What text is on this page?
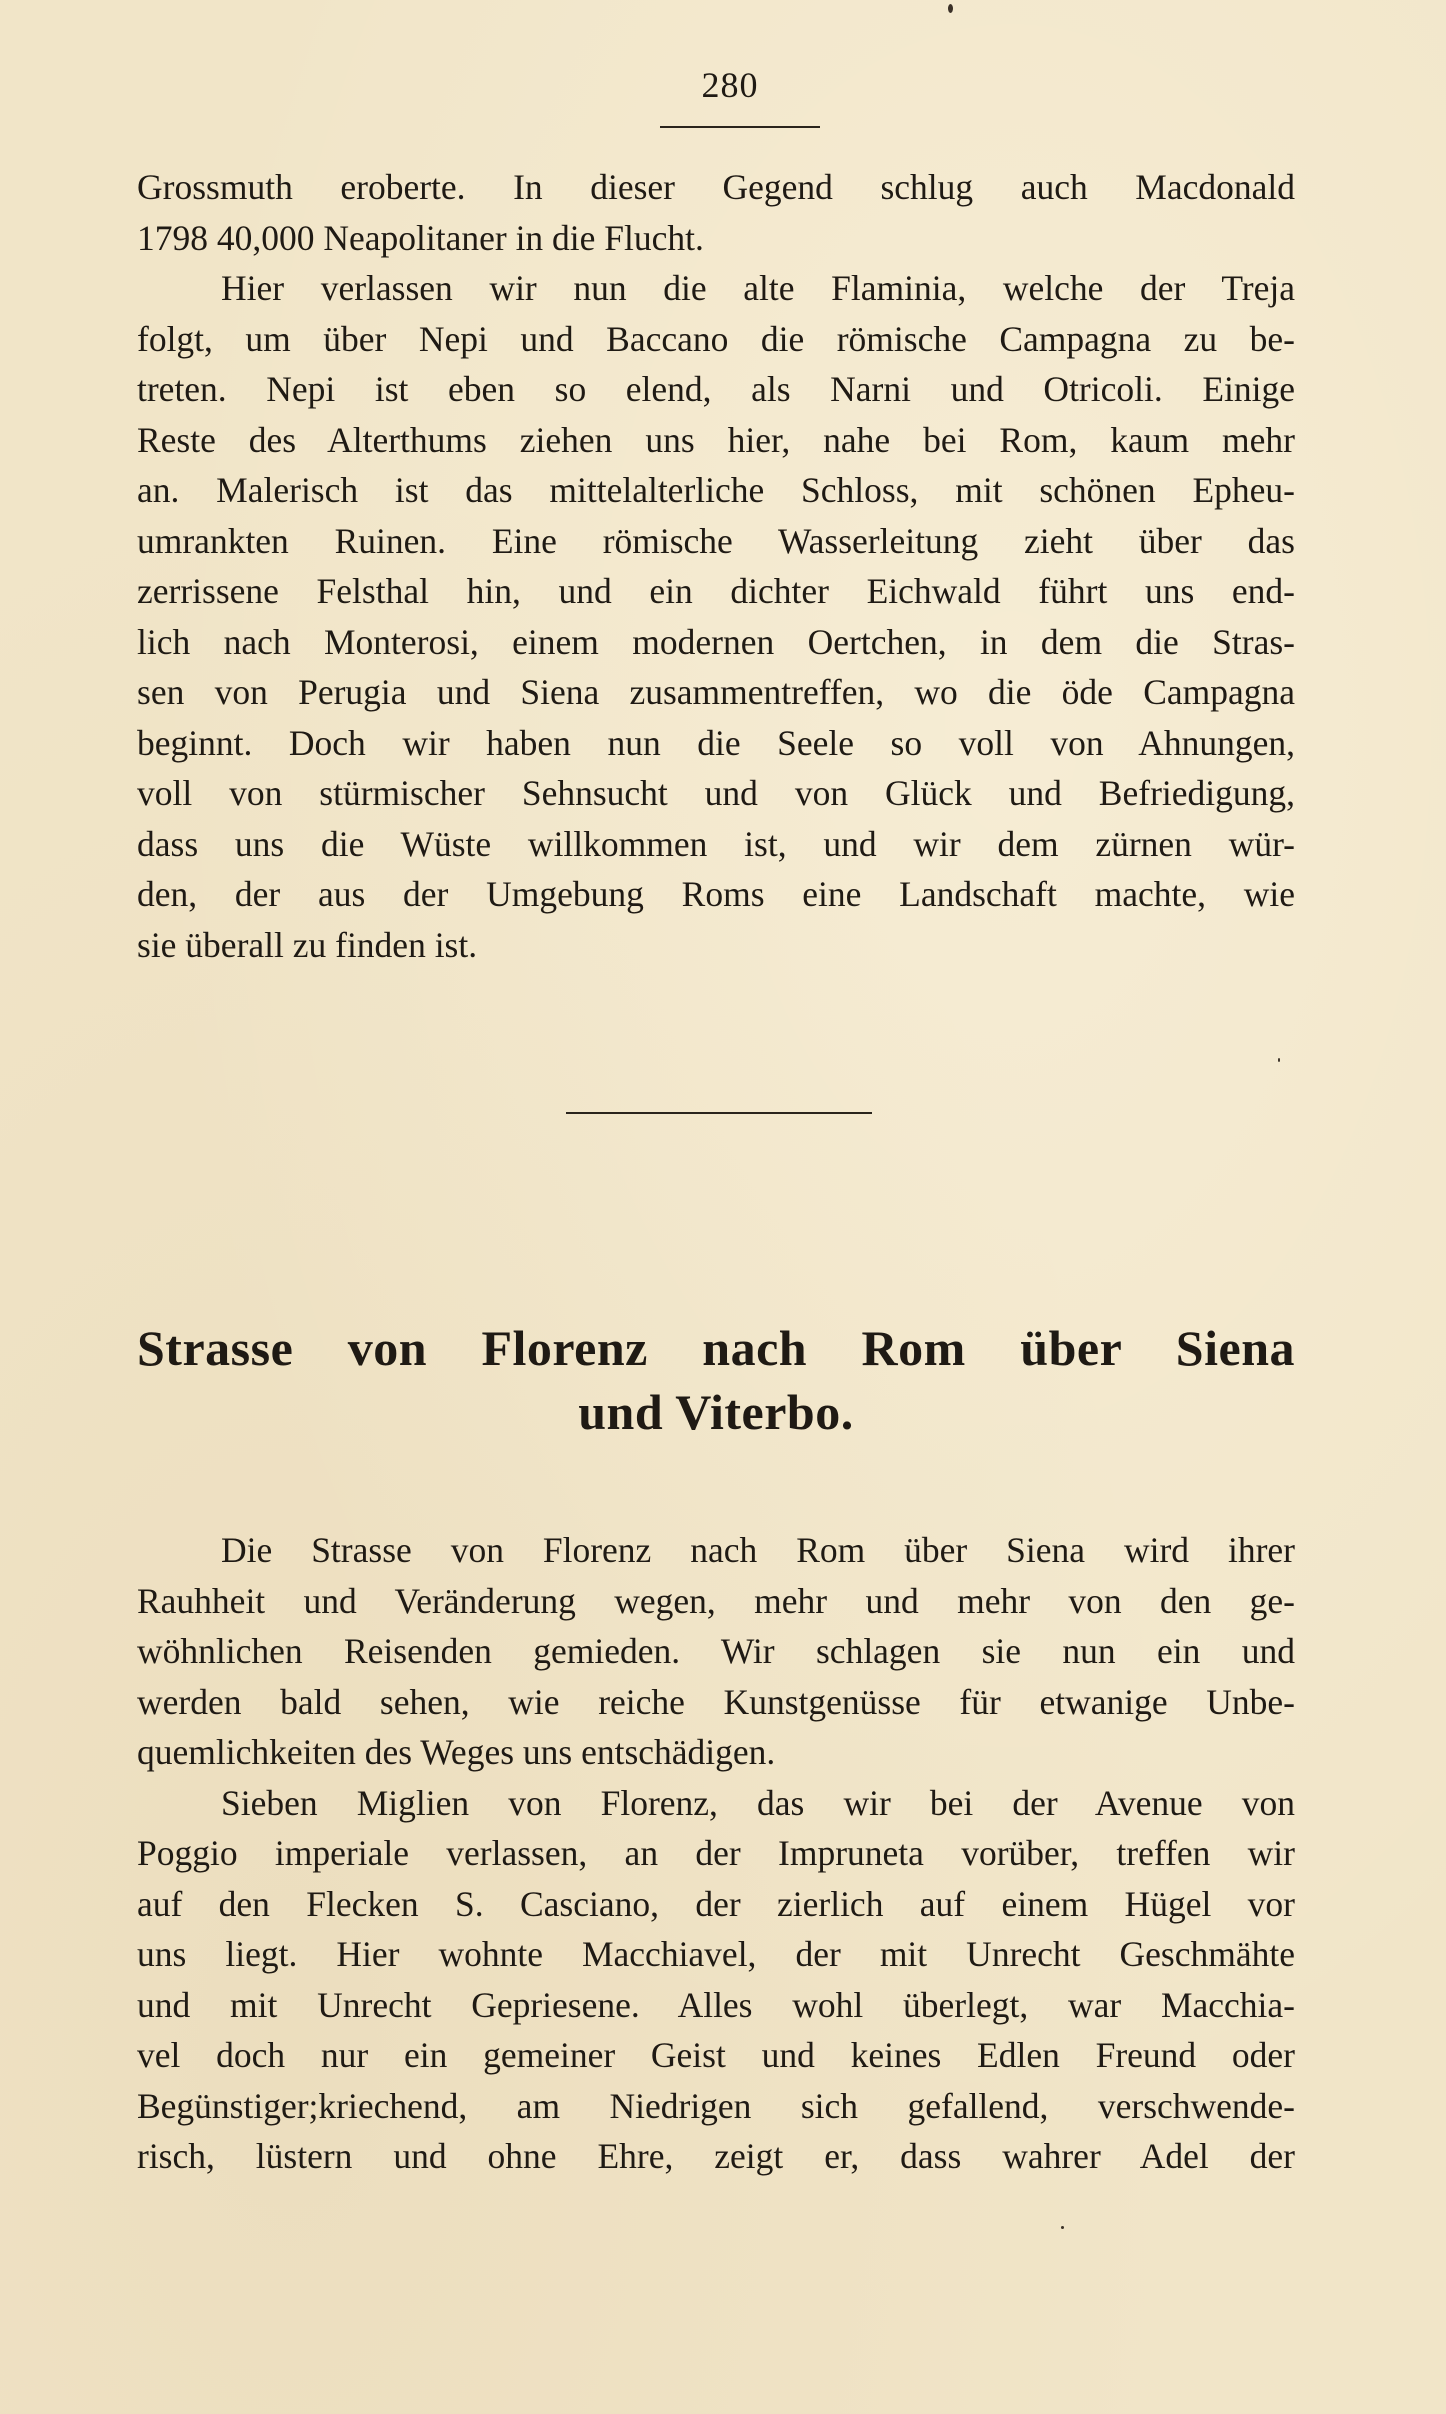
280
Grossmuth eroberte. In dieser Gegend schlug auch Macdonald
1798 40,000 Neapolitaner in die Flucht.
Hier verlassen wir nun die alte Flaminia, welche der Treja
folgt, um über Nepi und Baccano die römische Campagna zu be-
treten. Nepi ist eben so elend, als Narni und Otricoli. Einige
Reste des Alterthums ziehen uns hier, nahe bei Rom, kaum mehr
an. Malerisch ist das mittelalterliche Schloss, mit schönen Epheu-
umrankten Ruinen. Eine römische Wasserleitung zieht über das
zerrissene Felsthal hin, und ein dichter Eichwald führt uns end-
lich nach Monterosi, einem modernen Oertchen, in dem die Stras-
sen von Perugia und Siena zusammentreffen, wo die öde Campagna
beginnt. Doch wir haben nun die Seele so voll von Ahnungen,
voll von stürmischer Sehnsucht und von Glück und Befriedigung,
dass uns die Wüste willkommen ist, und wir dem zürnen wür-
den, der aus der Umgebung Roms eine Landschaft machte, wie
sie überall zu finden ist.
Strasse von Florenz nach Rom über Siena
und Viterbo.
Die Strasse von Florenz nach Rom über Siena wird ihrer
Rauhheit und Veränderung wegen, mehr und mehr von den ge-
wöhnlichen Reisenden gemieden. Wir schlagen sie nun ein und
werden bald sehen, wie reiche Kunstgenüsse für etwanige Unbe-
quemlichkeiten des Weges uns entschädigen.
Sieben Miglien von Florenz, das wir bei der Avenue von
Poggio imperiale verlassen, an der Impruneta vorüber, treffen wir
auf den Flecken S. Casciano, der zierlich auf einem Hügel vor
uns liegt. Hier wohnte Macchiavel, der mit Unrecht Geschmähte
und mit Unrecht Gepriesene. Alles wohl überlegt, war Macchia-
vel doch nur ein gemeiner Geist und keines Edlen Freund oder
Begünstiger;kriechend, am Niedrigen sich gefallend, verschwende-
risch, lüstern und ohne Ehre, zeigt er, dass wahrer Adel der
